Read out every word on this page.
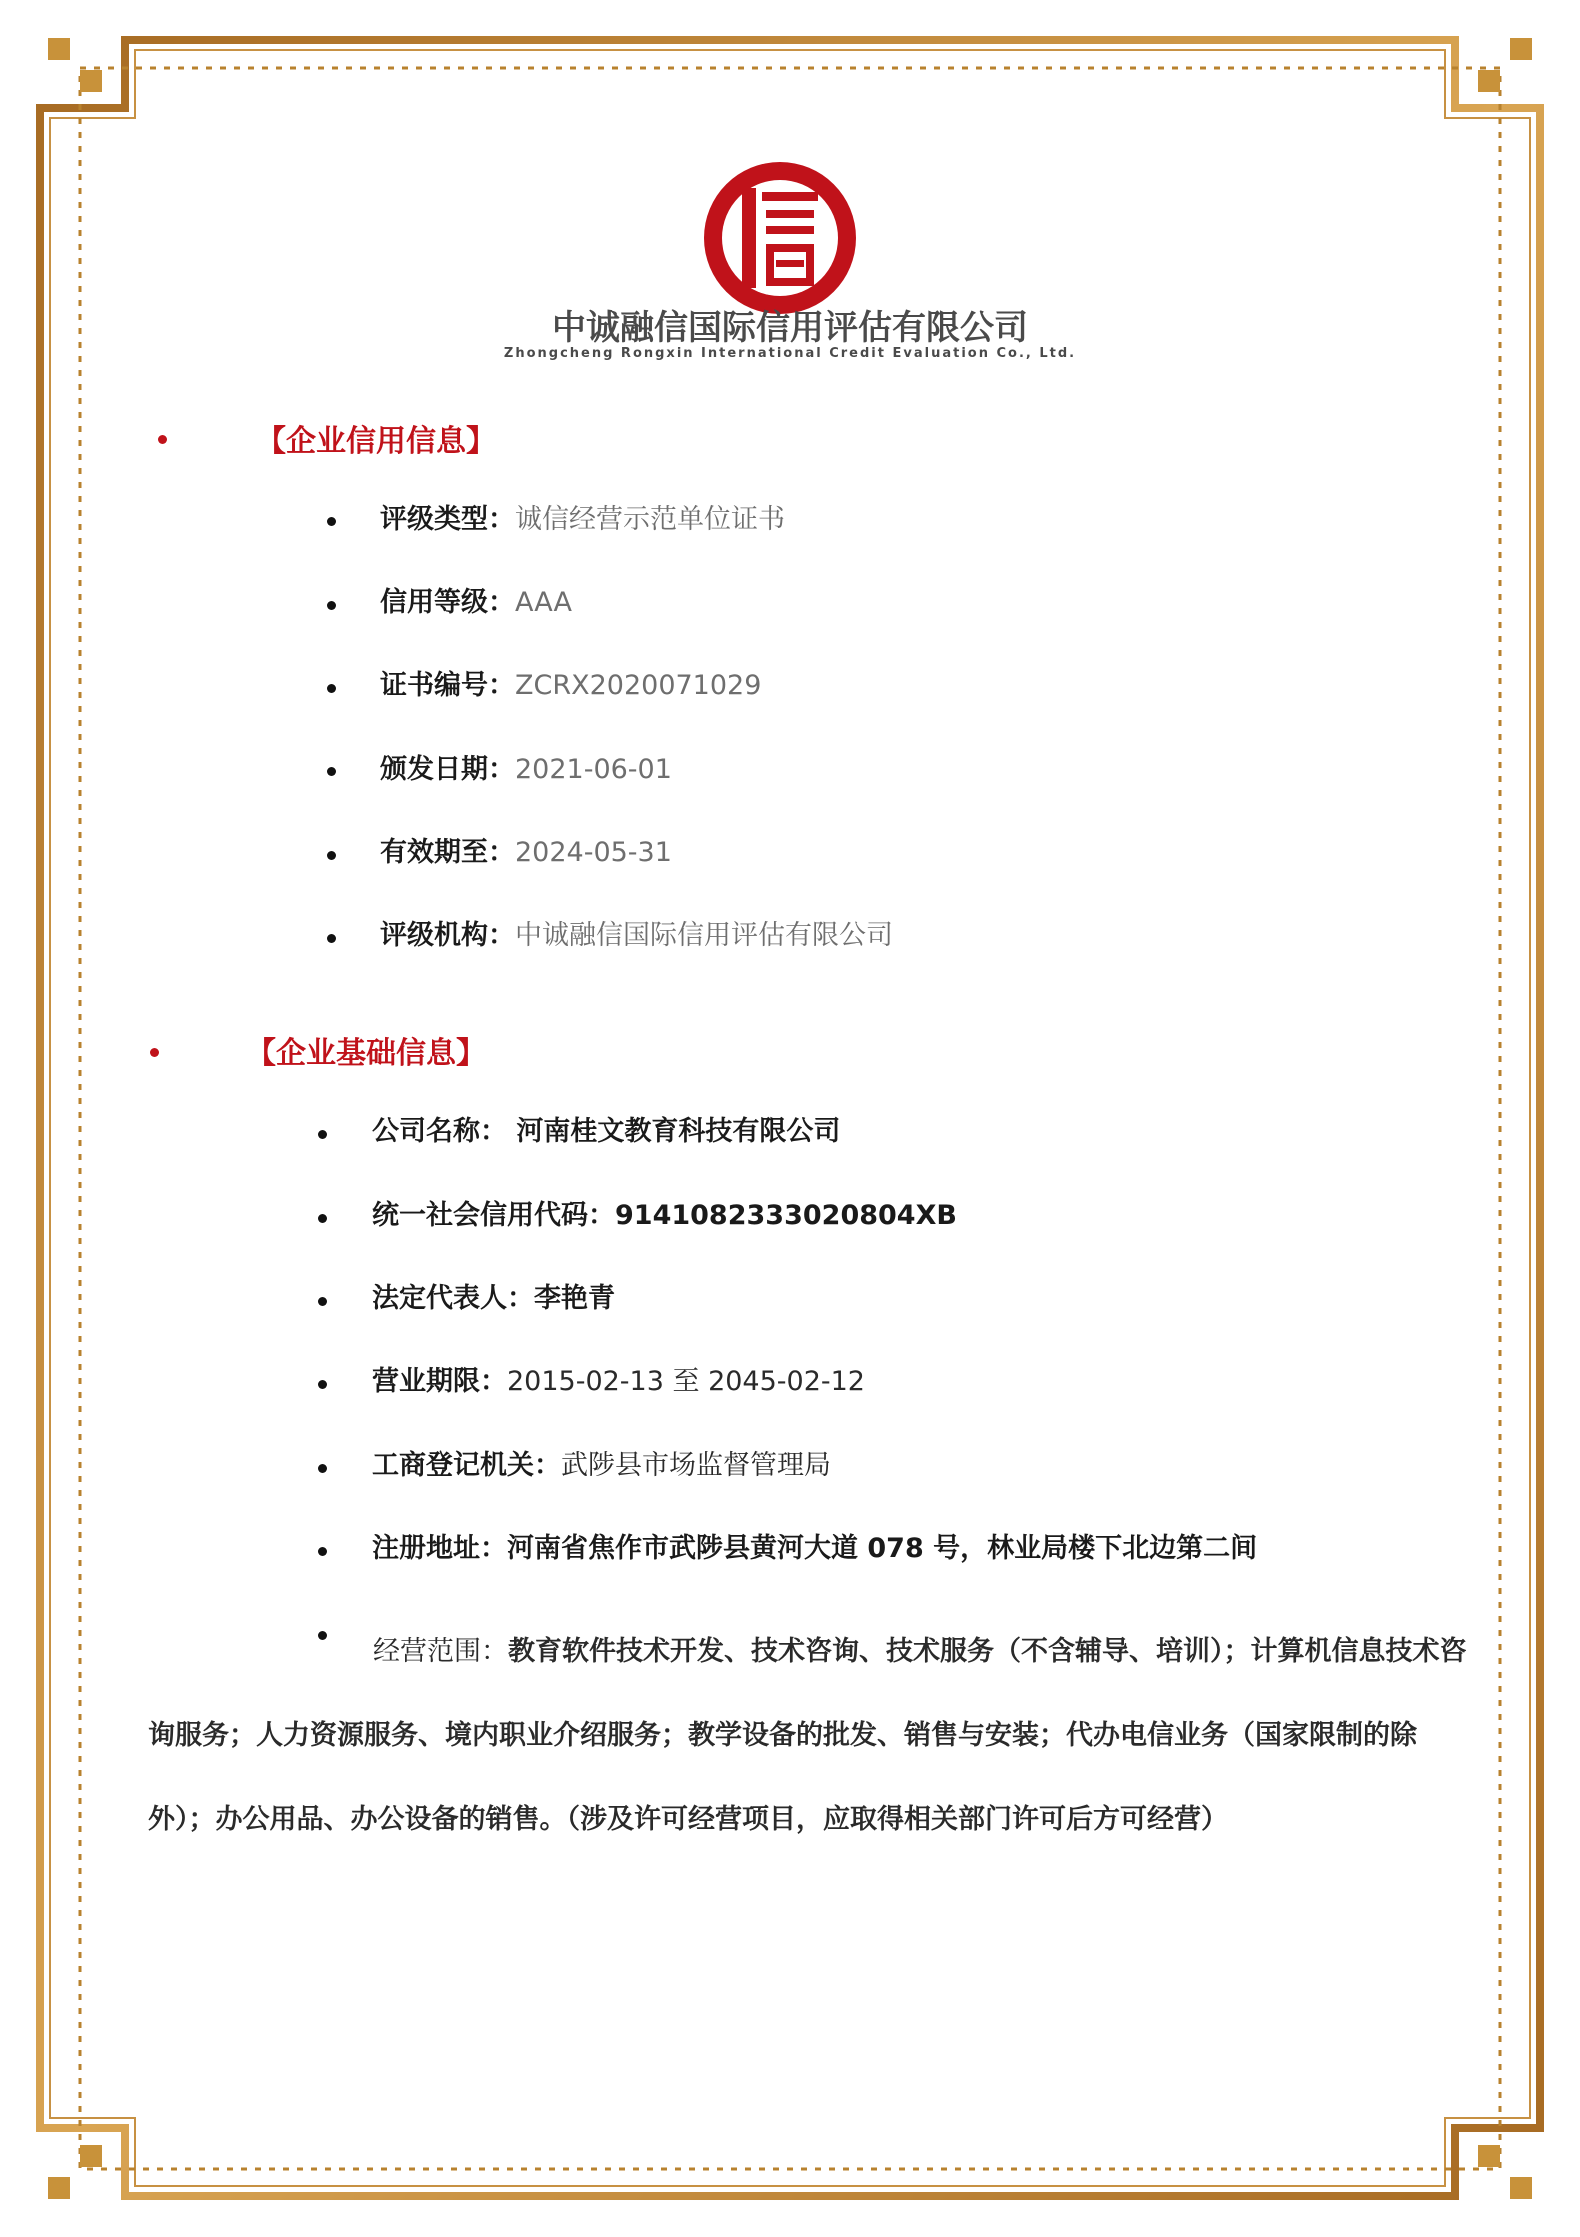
中诚融信国际信用评估有限公司
Zhongcheng Rongxin International Credit Evaluation Co., Ltd.
【企业信用信息】
评级类型：诚信经营示范单位证书
信用等级：AAA
证书编号：ZCRX2020071029
颁发日期：2021-06-01
有效期至：2024-05-31
评级机构：中诚融信国际信用评估有限公司
【企业基础信息】
公司名称： 河南桂文教育科技有限公司
统一社会信用代码：9141082333020804XB
法定代表人：李艳青
营业期限：2015-02-13 至 2045-02-12
工商登记机关：武陟县市场监督管理局
注册地址：河南省焦作市武陟县黄河大道 078 号，林业局楼下北边第二间
经营范围：教育软件技术开发、技术咨询、技术服务（不含辅导、培训）；计算机信息技术咨询服务；人力资源服务、境内职业介绍服务；教学设备的批发、销售与安装；代办电信业务（国家限制的除外）；办公用品、办公设备的销售。（涉及许可经营项目，应取得相关部门许可后方可经营）
